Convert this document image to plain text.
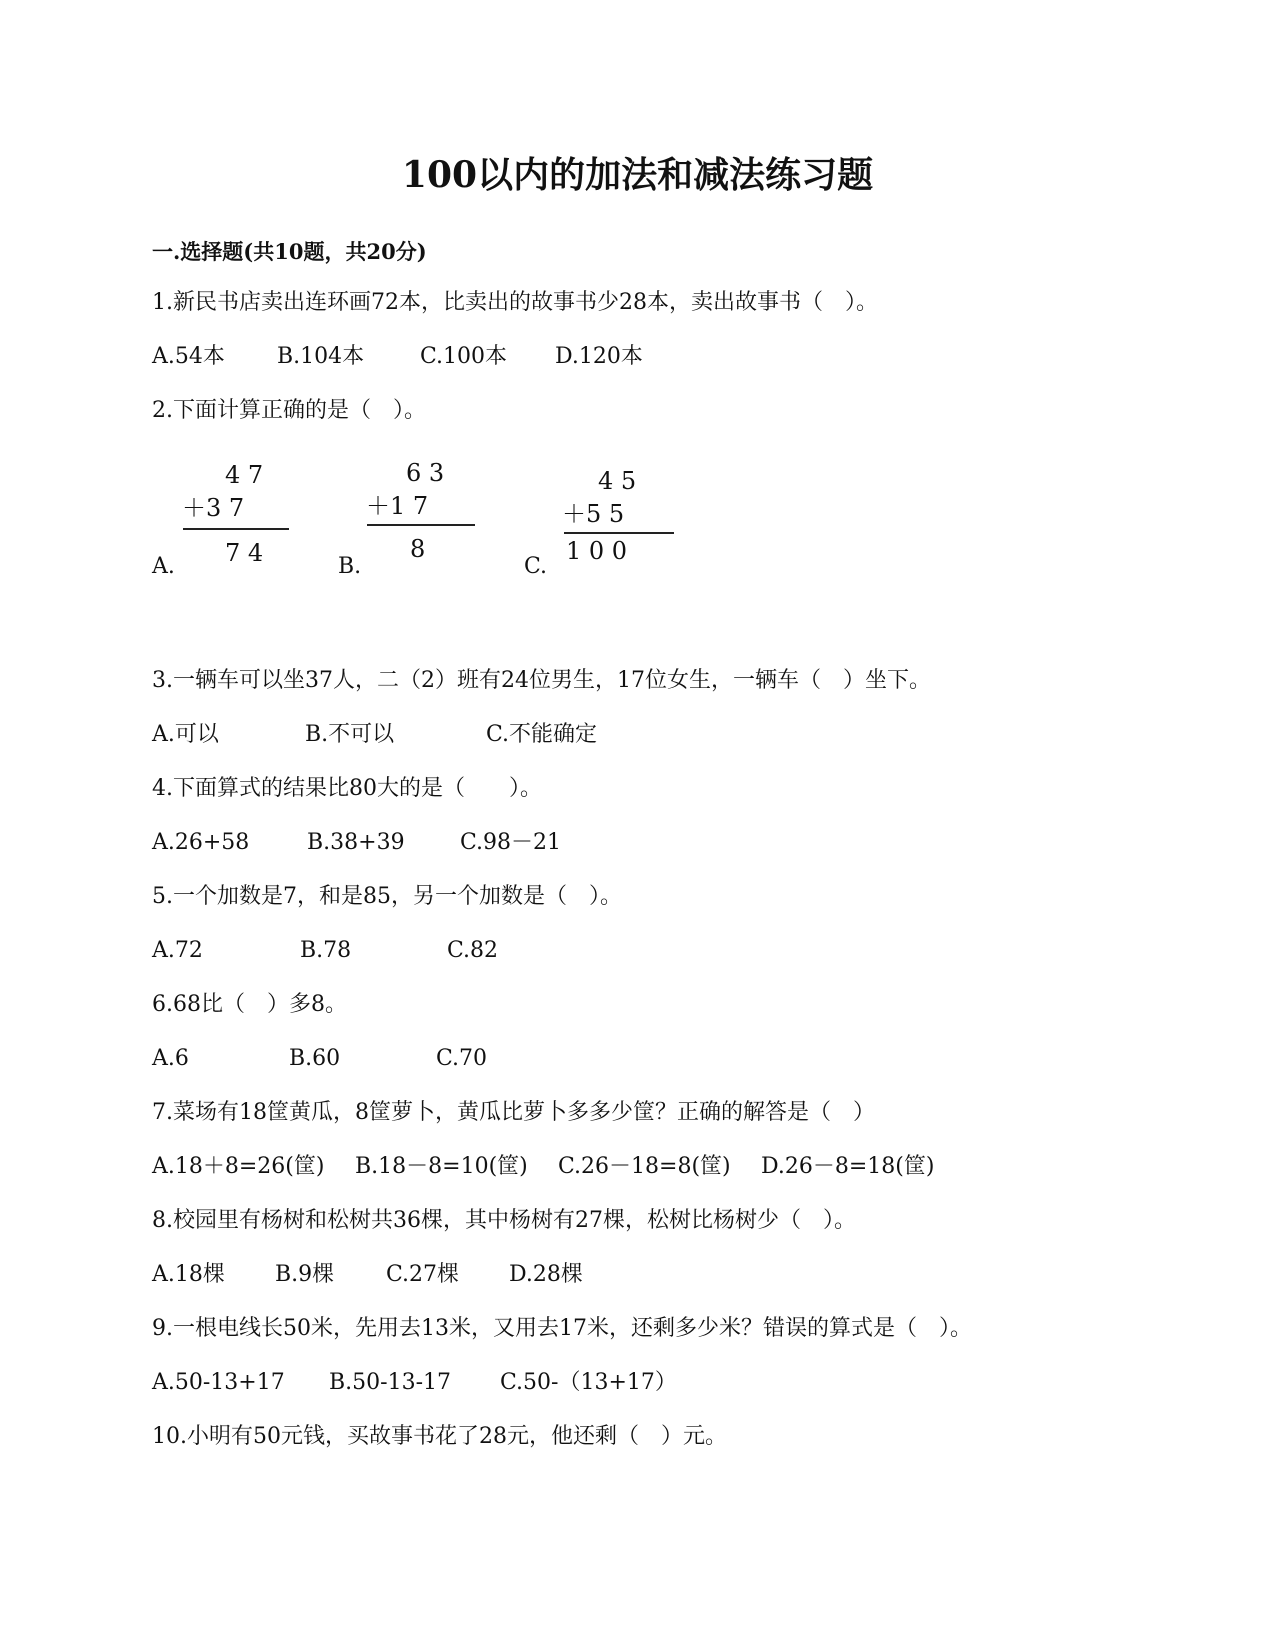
100以内的加法和减法练习题
一.选择题(共10题，共20分)
1.新民书店卖出连环画72本，比卖出的故事书少28本，卖出故事书（　）。
A.54本 B.104本	C.100本 D.120本
2.下面计算正确的是（　）。
A.
4 7
＋3 7
7 4	B.
6 3
＋1 7
8
C.
4 5
＋5 5
1 0 0
3.一辆车可以坐37人，二（2）班有24位男生，17位女生，一辆车（　）坐下。
A.可以	B.不可以	C.不能确定
4.下面算式的结果比80大的是（　　）。
A.26+58	B.38+39	C.98－21
5.一个加数是7，和是85，另一个加数是（　）。
A.72	B.78	C.82
6.68比（　）多8。
A.6	B.60	C.70
7.菜场有18筐黄瓜，8筐萝卜，黄瓜比萝卜多多少筐？正确的解答是（　）
A.18＋8=26(筐) B.18－8=10(筐) C.26－18=8(筐) D.26－8=18(筐)
8.校园里有杨树和松树共36棵，其中杨树有27棵，松树比杨树少（　）。
A.18棵 B.9棵 C.27棵 D.28棵
9.一根电线长50米，先用去13米，又用去17米，还剩多少米？错误的算式是（　）。
A.50-13+17 B.50-13-17 C.50-（13+17）
10.小明有50元钱，买故事书花了28元，他还剩（　）元。
